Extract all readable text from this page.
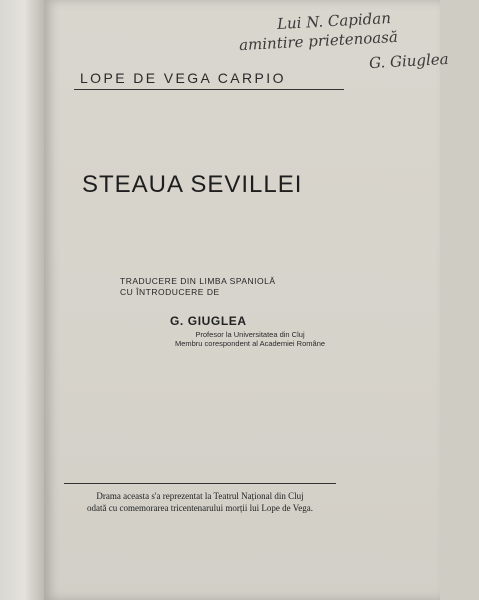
Lui N. Capidan
amintire prietenoasă
G. Giuglea
LOPE DE VEGA CARPIO
STEAUA SEVILLEI
TRADUCERE DIN LIMBA SPANIOLĂ
CU ÎNTRODUCERE DE
G. GIUGLEA
Profesor la Universitatea din Cluj
Membru corespondent al Academiei Române
Drama aceasta s'a reprezentat la Teatrul Național din Cluj
odată cu comemorarea tricentenarului morții lui Lope de Vega.
